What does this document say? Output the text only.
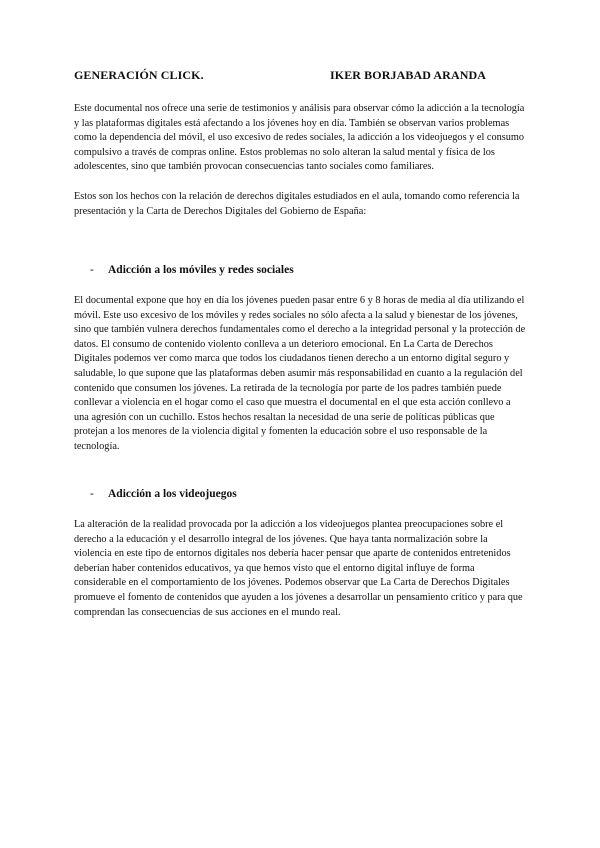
GENERACIÓN CLICK.	IKER BORJABAD ARANDA

Este documental nos ofrece una serie de testimonios y análisis para observar cómo la adicción a la tecnología y las plataformas digitales está afectando a los jóvenes hoy en día. También se observan varios problemas como la dependencia del móvil, el uso excesivo de redes sociales, la adicción a los videojuegos y el consumo compulsivo a través de compras online. Estos problemas no solo alteran la salud mental y física de los adolescentes, sino que también provocan consecuencias tanto sociales como familiares.

Estos son los hechos con la relación de derechos digitales estudiados en el aula, tomando como referencia la presentación y la Carta de Derechos Digitales del Gobierno de España:

- Adicción a los móviles y redes sociales

El documental expone que hoy en día los jóvenes pueden pasar entre 6 y 8 horas de media al día utilizando el móvil. Este uso excesivo de los móviles y redes sociales no sólo afecta a la salud y bienestar de los jóvenes, sino que también vulnera derechos fundamentales como el derecho a la integridad personal y la protección de datos. El consumo de contenido violento conlleva a un deterioro emocional. En La Carta de Derechos Digitales podemos ver como marca que todos los ciudadanos tienen derecho a un entorno digital seguro y saludable, lo que supone que las plataformas deben asumir más responsabilidad en cuanto a la regulación del contenido que consumen los jóvenes. La retirada de la tecnología por parte de los padres también puede conllevar a violencia en el hogar como el caso que muestra el documental en el que esta acción conllevo a una agresión con un cuchillo. Estos hechos resaltan la necesidad de una serie de políticas públicas que protejan a los menores de la violencia digital y fomenten la educación sobre el uso responsable de la tecnología.

- Adicción a los videojuegos

La alteración de la realidad provocada por la adicción a los videojuegos plantea preocupaciones sobre el derecho a la educación y el desarrollo integral de los jóvenes. Que haya tanta normalización sobre la violencia en este tipo de entornos digitales nos debería hacer pensar que aparte de contenidos entretenidos deberían haber contenidos educativos, ya que hemos visto que el entorno digital influye de forma considerable en el comportamiento de los jóvenes. Podemos observar que La Carta de Derechos Digitales promueve el fomento de contenidos que ayuden a los jóvenes a desarrollar un pensamiento crítico y para que comprendan las consecuencias de sus acciones en el mundo real.
